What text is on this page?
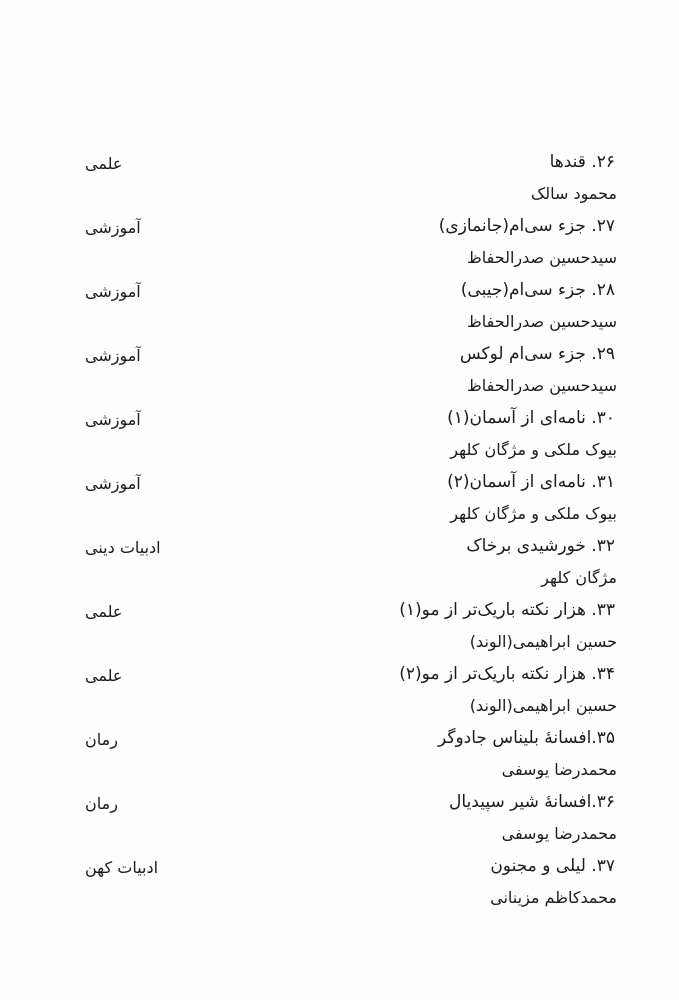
۲۶. قندها
محمود سالک
علمی
۲۷. جزء سی‌ام(جانمازی)
سیدحسین صدرالحفاظ
آموزشی
۲۸. جزء سی‌ام(جیبی)
سیدحسین صدرالحفاظ
آموزشی
۲۹. جزء سی‌ام لوکس
سیدحسین صدرالحفاظ
آموزشی
۳۰. نامه‌ای از آسمان(۱)
بیوک ملکی و مژگان کلهر
آموزشی
۳۱. نامه‌ای از آسمان(۲)
بیوک ملکی و مژگان کلهر
آموزشی
۳۲. خورشیدی برخاک
مژگان کلهر
ادبیات دینی
۳۳. هزار نکته باریک‌تر از مو(۱)
حسین ابراهیمی(الوند)
علمی
۳۴. هزار نکته باریک‌تر از مو(۲)
حسین ابراهیمی(الوند)
علمی
۳۵.افسانهٔ بلیناس جادوگر
محمدرضا یوسفی
رمان
۳۶.افسانهٔ شیر سپیدیال
محمدرضا یوسفی
رمان
۳۷. لیلی و مجنون
محمدکاظم مزینانی
ادبیات کهن
